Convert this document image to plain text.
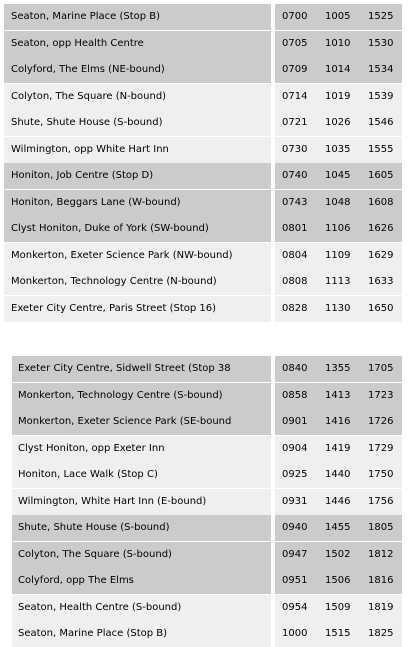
Seaton, Marine Place (Stop B)	0700 1005 1525
Seaton, opp Health Centre	0705 1010 1530
Colyford, The Elms (NE-bound)	0709 1014 1534
Colyton, The Square (N-bound)	0714 1019 1539
Shute, Shute House (S-bound)	0721 1026 1546
Wilmington, opp White Hart Inn	0730 1035 1555
Honiton, Job Centre (Stop D)	0740 1045 1605
Honiton, Beggars Lane (W-bound)	0743 1048 1608
Clyst Honiton, Duke of York (SW-bound)	0801 1106 1626
Monkerton, Exeter Science Park (NW-bound)	0804 1109 1629
Monkerton, Technology Centre (N-bound)	0808 1113 1633
Exeter City Centre, Paris Street (Stop 16)	0828 1130 1650
Exeter City Centre, Sidwell Street (Stop 38	0840 1355 1705
Monkerton, Technology Centre (S-bound)	0858 1413 1723
Monkerton, Exeter Science Park (SE-bound	0901 1416 1726
Clyst Honiton, opp Exeter Inn	0904 1419 1729
Honiton, Lace Walk (Stop C)	0925 1440 1750
Wilmington, White Hart Inn (E-bound)	0931 1446 1756
Shute, Shute House (S-bound)	0940 1455 1805
Colyton, The Square (S-bound)	0947 1502 1812
Colyford, opp The Elms	0951 1506 1816
Seaton, Health Centre (S-bound)	0954 1509 1819
Seaton, Marine Place (Stop B)	1000 1515 1825
